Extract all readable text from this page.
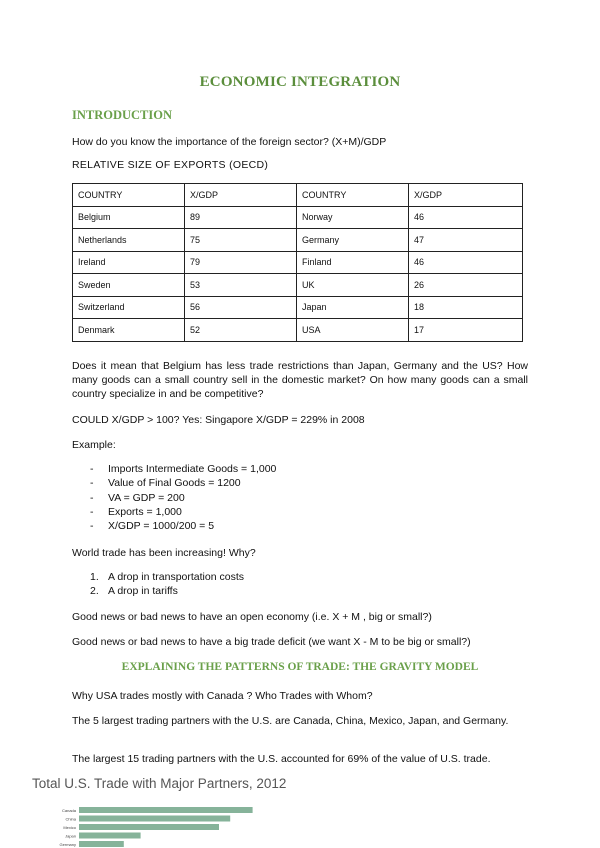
ECONOMIC INTEGRATION
INTRODUCTION
How do you know the importance of the foreign sector? (X+M)/GDP
RELATIVE SIZE OF EXPORTS (OECD)
COUNTRY	X/GDP	COUNTRY	X/GDP
Belgium	89	Norway	46
Netherlands	75	Germany	47
Ireland	79	Finland	46
Sweden	53	UK	26
Switzerland	56	Japan	18
Denmark	52	USA	17
Does it mean that Belgium has less trade restrictions than Japan, Germany and the US? How many goods can a small country sell in the domestic market? On how many goods can a small country specialize in and be competitive?
COULD X/GDP > 100? Yes: Singapore X/GDP = 229% in 2008
Example:
-	Imports Intermediate Goods = 1,000
-	Value of Final Goods = 1200
-	VA = GDP = 200
-	Exports = 1,000
-	X/GDP = 1000/200 = 5
World trade has been increasing! Why?
1. A drop in transportation costs
2. A drop in tariffs
Good news or bad news to have an open economy (i.e. X + M , big or small?)
Good news or bad news to have a big trade deficit (we want X - M to be big or small?)
EXPLAINING THE PATTERNS OF TRADE: THE GRAVITY MODEL
Why USA trades mostly with Canada ? Who Trades with Whom?
The 5 largest trading partners with the U.S. are Canada, China, Mexico, Japan, and Germany.
The largest 15 trading partners with the U.S. accounted for 69% of the value of U.S. trade.
Total U.S. Trade with Major Partners, 2012
Canada
China
Mexico
Japan
Germany
